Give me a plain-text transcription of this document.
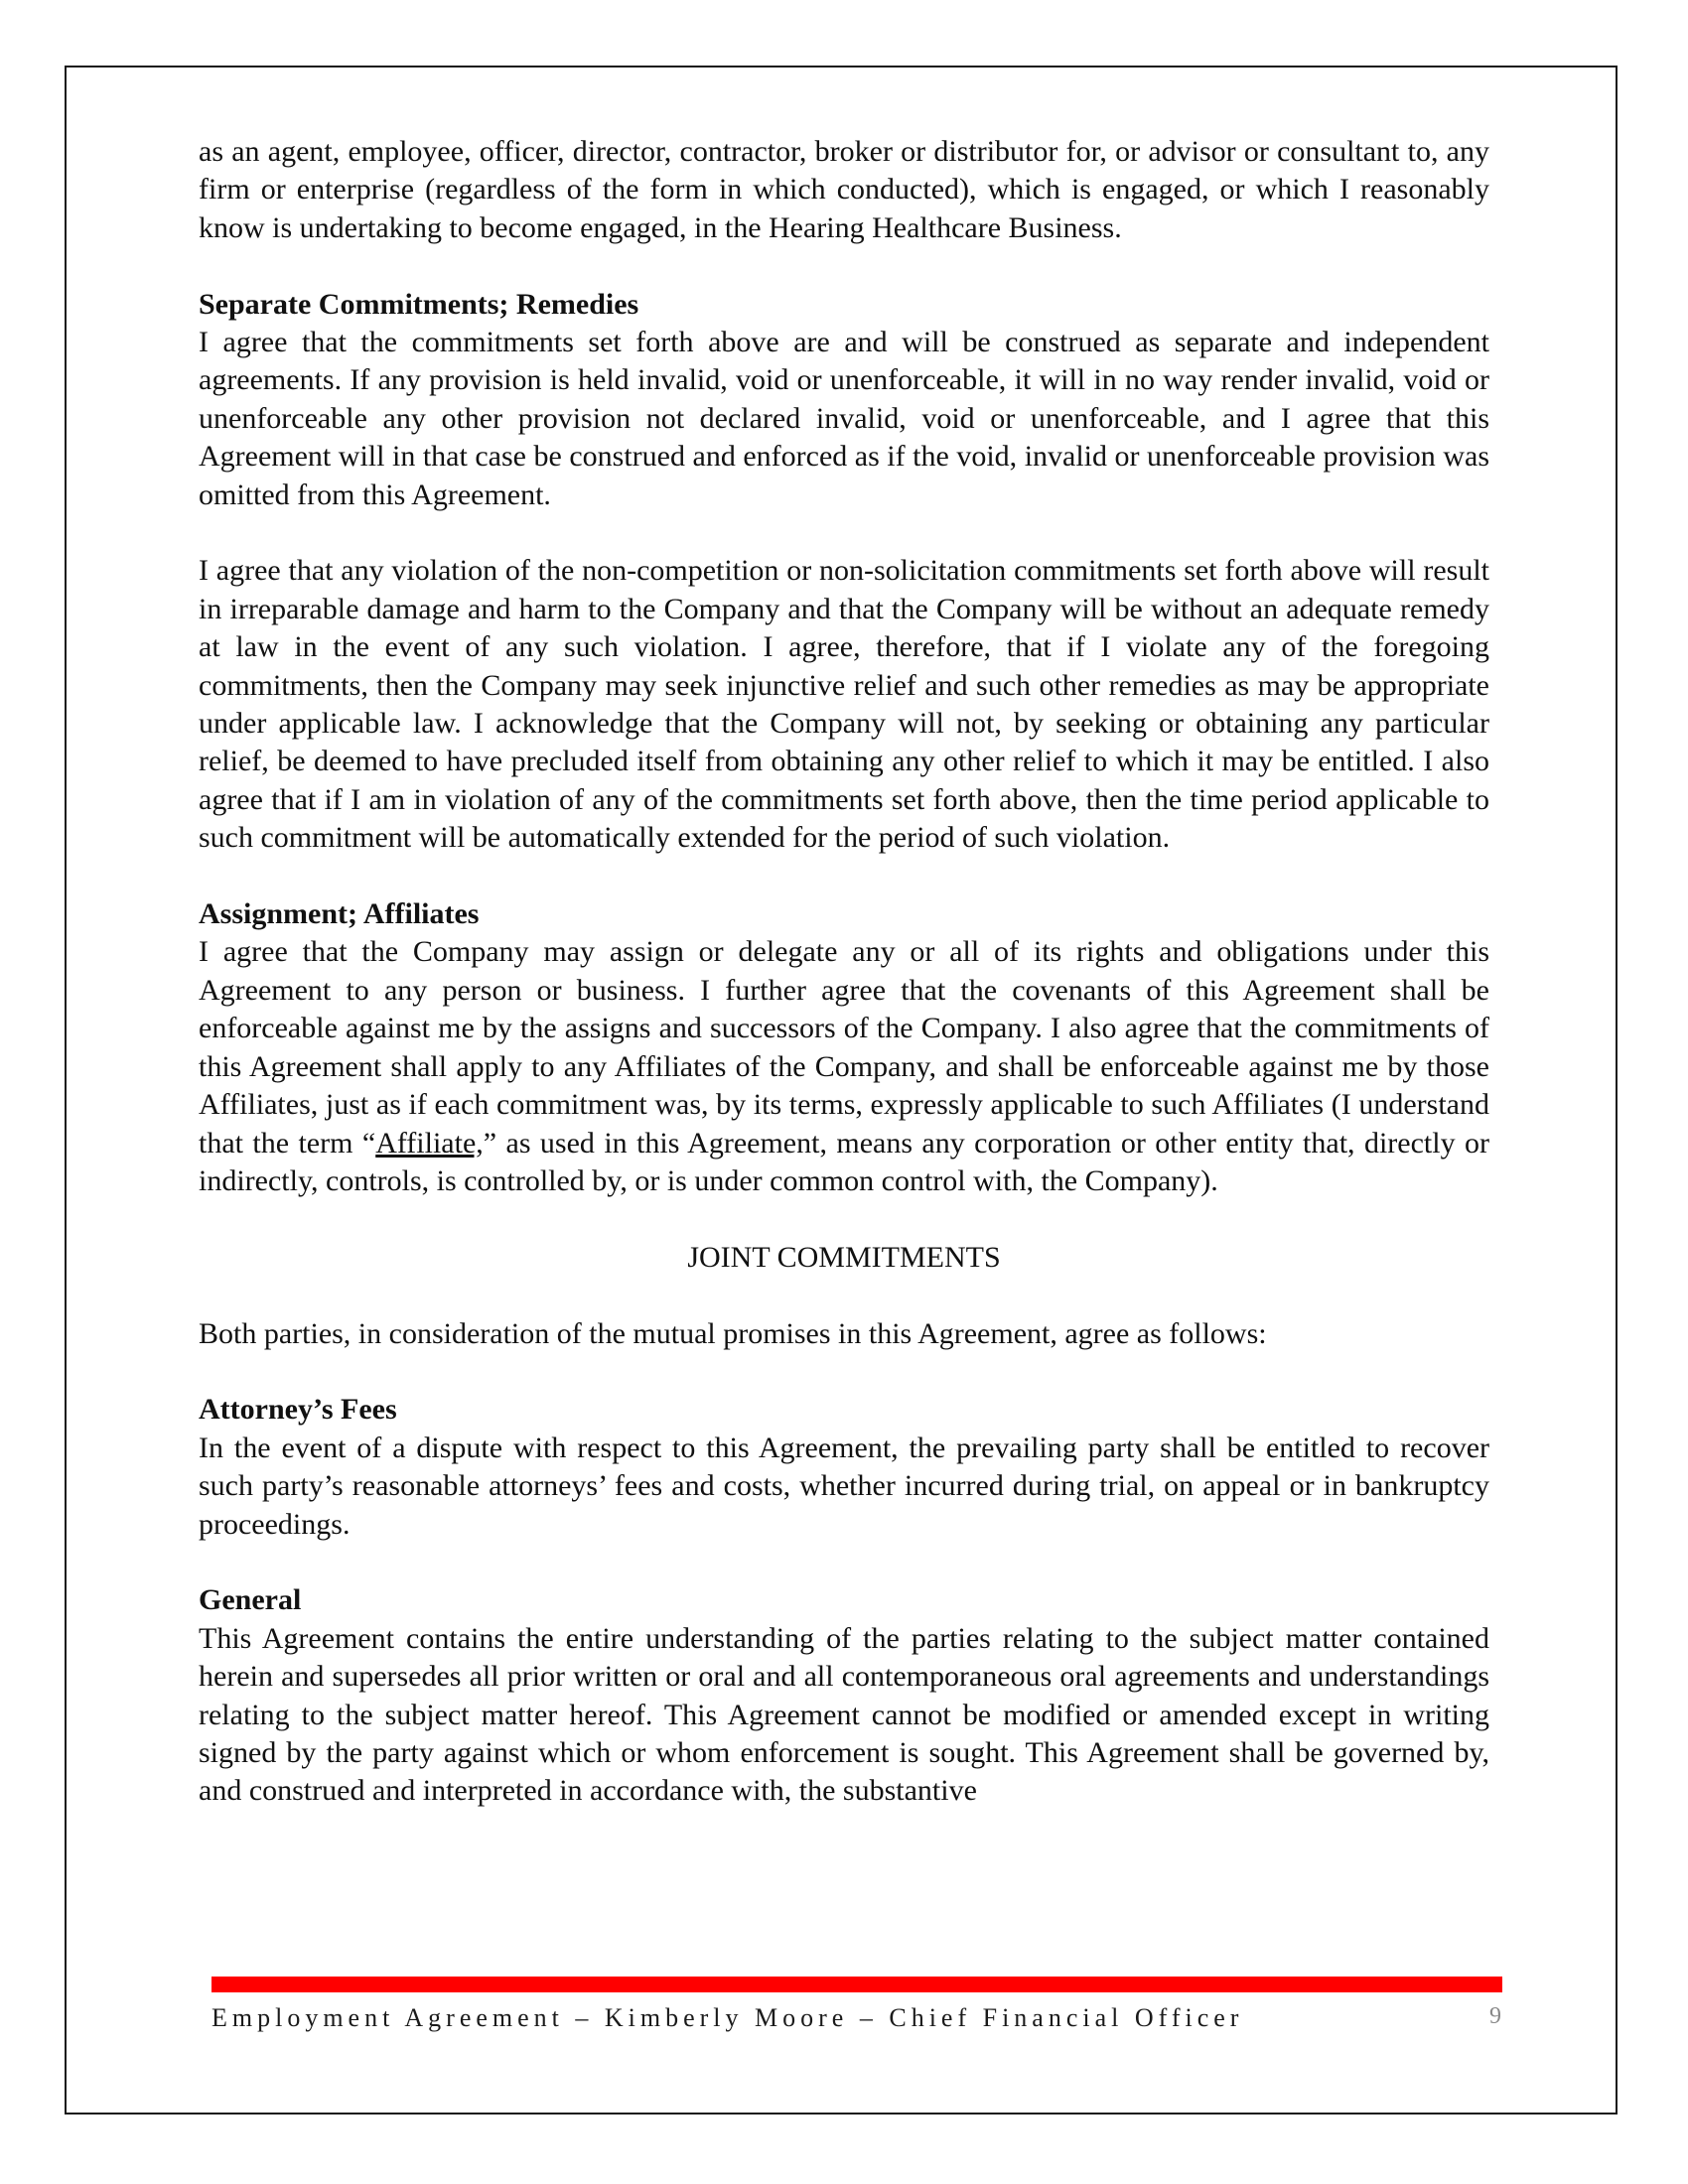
as an agent, employee, officer, director, contractor, broker or distributor for, or advisor or consultant to, any firm or enterprise (regardless of the form in which conducted), which is engaged, or which I reasonably know is undertaking to become engaged, in the Hearing Healthcare Business.

Separate Commitments; Remedies

I agree that the commitments set forth above are and will be construed as separate and independent agreements. If any provision is held invalid, void or unenforceable, it will in no way render invalid, void or unenforceable any other provision not declared invalid, void or unenforceable, and I agree that this Agreement will in that case be construed and enforced as if the void, invalid or unenforceable provision was omitted from this Agreement.

I agree that any violation of the non-competition or non-solicitation commitments set forth above will result in irreparable damage and harm to the Company and that the Company will be without an adequate remedy at law in the event of any such violation. I agree, therefore, that if I violate any of the foregoing commitments, then the Company may seek injunctive relief and such other remedies as may be appropriate under applicable law. I acknowledge that the Company will not, by seeking or obtaining any particular relief, be deemed to have precluded itself from obtaining any other relief to which it may be entitled. I also agree that if I am in violation of any of the commitments set forth above, then the time period applicable to such commitment will be automatically extended for the period of such violation.

Assignment; Affiliates

I agree that the Company may assign or delegate any or all of its rights and obligations under this Agreement to any person or business. I further agree that the covenants of this Agreement shall be enforceable against me by the assigns and successors of the Company. I also agree that the commitments of this Agreement shall apply to any Affiliates of the Company, and shall be enforceable against me by those Affiliates, just as if each commitment was, by its terms, expressly applicable to such Affiliates (I understand that the term “Affiliate,” as used in this Agreement, means any corporation or other entity that, directly or indirectly, controls, is controlled by, or is under common control with, the Company).

JOINT COMMITMENTS

Both parties, in consideration of the mutual promises in this Agreement, agree as follows:

Attorney’s Fees

In the event of a dispute with respect to this Agreement, the prevailing party shall be entitled to recover such party’s reasonable attorneys’ fees and costs, whether incurred during trial, on appeal or in bankruptcy proceedings.

General

This Agreement contains the entire understanding of the parties relating to the subject matter contained herein and supersedes all prior written or oral and all contemporaneous oral agreements and understandings relating to the subject matter hereof. This Agreement cannot be modified or amended except in writing signed by the party against which or whom enforcement is sought. This Agreement shall be governed by, and construed and interpreted in accordance with, the substantive

Employment Agreement – Kimberly Moore – Chief Financial Officer	9
